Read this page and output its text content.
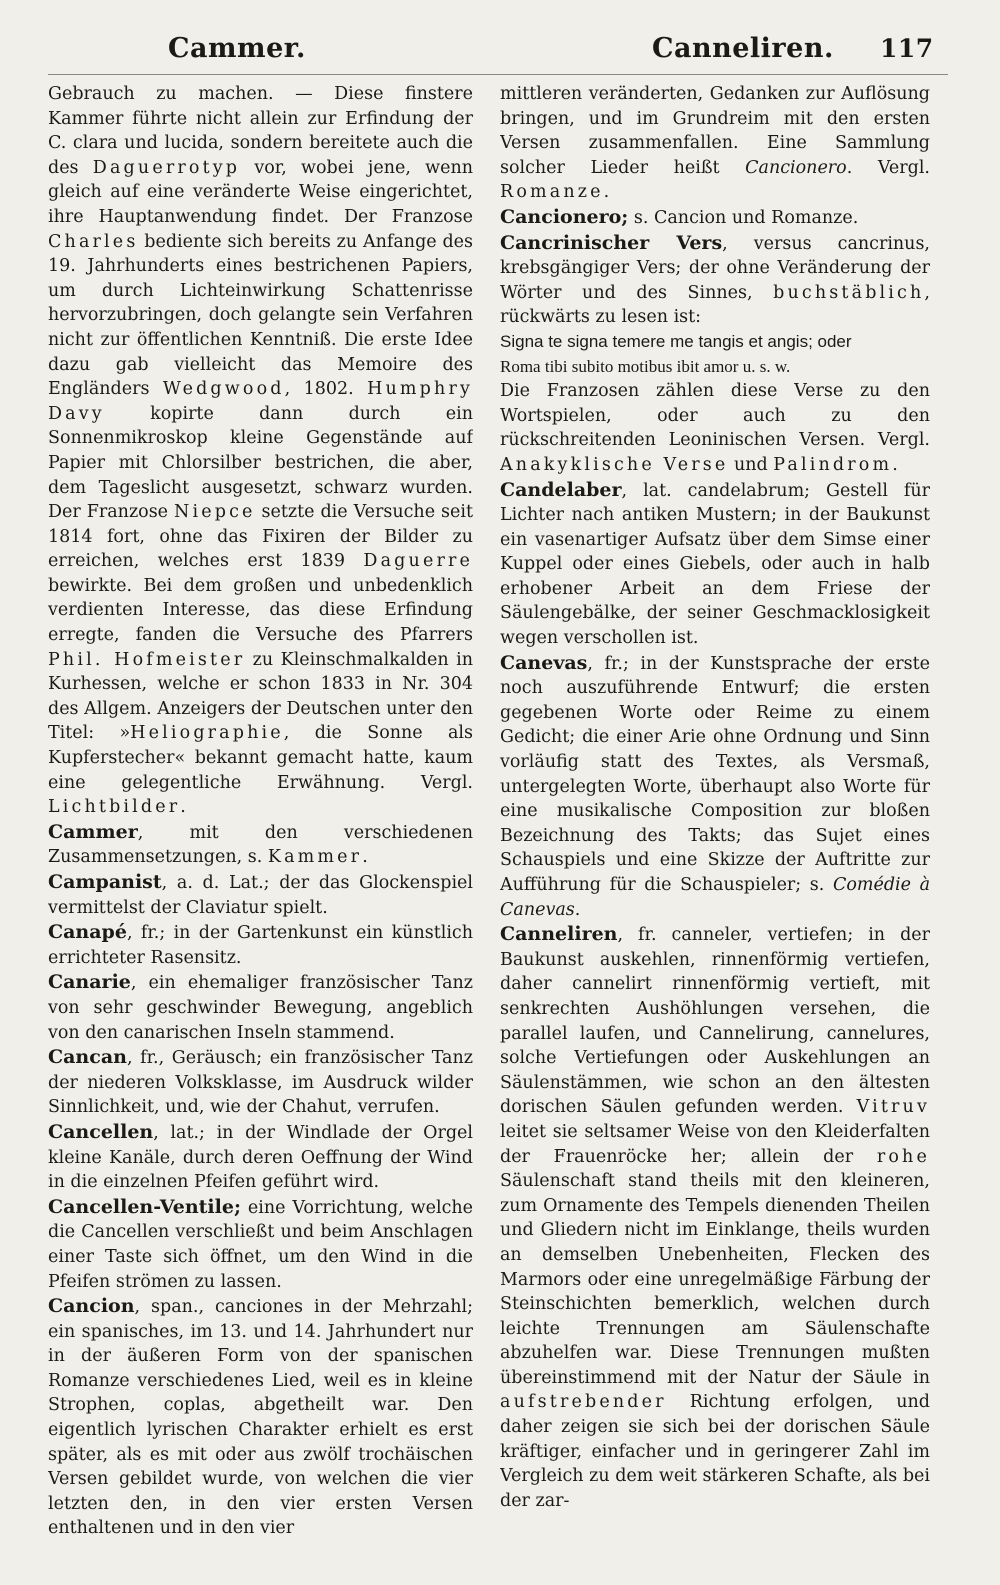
Cammer.	Canneliren. 117

Gebrauch zu machen. — Diese finstere Kammer führte nicht allein zur Erfindung der C. clara und lucida, sondern bereitete auch die des Daguerrotyp vor, wobei jene, wenn gleich auf eine veränderte Weise eingerichtet, ihre Hauptanwendung findet. Der Franzose Charles bediente sich bereits zu Anfange des 19. Jahrhunderts eines bestrichenen Papiers, um durch Lichteinwirkung Schattenrisse hervorzubringen, doch gelangte sein Verfahren nicht zur öffentlichen Kenntniß. Die erste Idee dazu gab vielleicht das Memoire des Engländers Wedgwood, 1802. Humphry Davy kopirte dann durch ein Sonnenmikroskop kleine Gegenstände auf Papier mit Chlorsilber bestrichen, die aber, dem Tageslicht ausgesetzt, schwarz wurden. Der Franzose Niepce setzte die Versuche seit 1814 fort, ohne das Fixiren der Bilder zu erreichen, welches erst 1839 Daguerre bewirkte. Bei dem großen und unbedenklich verdienten Interesse, das diese Erfindung erregte, fanden die Versuche des Pfarrers Phil. Hofmeister zu Kleinschmalkalden in Kurhessen, welche er schon 1833 in Nr. 304 des Allgem. Anzeigers der Deutschen unter den Titel: »Heliographie, die Sonne als Kupferstecher« bekannt gemacht hatte, kaum eine gelegentliche Erwähnung. Vergl. Lichtbilder.

Cammer, mit den verschiedenen Zusammensetzungen, s. Kammer.

Campanist, a. d. Lat.; der das Glockenspiel vermittelst der Claviatur spielt.

Canapé, fr.; in der Gartenkunst ein künstlich errichteter Rasensitz.

Canarie, ein ehemaliger französischer Tanz von sehr geschwinder Bewegung, angeblich von den canarischen Inseln stammend.

Cancan, fr., Geräusch; ein französischer Tanz der niederen Volksklasse, im Ausdruck wilder Sinnlichkeit, und, wie der Chahut, verrufen.

Cancellen, lat.; in der Windlade der Orgel kleine Kanäle, durch deren Oeffnung der Wind in die einzelnen Pfeifen geführt wird.

Cancellen-Ventile; eine Vorrichtung, welche die Cancellen verschließt und beim Anschlagen einer Taste sich öffnet, um den Wind in die Pfeifen strömen zu lassen.

Cancion, span., canciones in der Mehrzahl; ein spanisches, im 13. und 14. Jahrhundert nur in der äußeren Form von der spanischen Romanze verschiedenes Lied, weil es in kleine Strophen, coplas, abgetheilt war. Den eigentlich lyrischen Charakter erhielt es erst später, als es mit oder aus zwölf trochäischen Versen gebildet wurde, von welchen die vier letzten den, in den vier ersten Versen enthaltenen und in den vier

mittleren veränderten, Gedanken zur Auflösung bringen, und im Grundreim mit den ersten Versen zusammenfallen. Eine Sammlung solcher Lieder heißt Cancionero. Vergl. Romanze.

Cancionero; s. Cancion und Romanze.

Cancrinischer Vers, versus cancrinus, krebsgängiger Vers; der ohne Veränderung der Wörter und des Sinnes, buchstäblich, rückwärts zu lesen ist:

Signa te signa temere me tangis et angis; oder

Roma tibi subito motibus ibit amor u. s. w.

Die Franzosen zählen diese Verse zu den Wortspielen, oder auch zu den rückschreitenden Leoninischen Versen. Vergl. Anakyklische Verse und Palindrom.

Candelaber, lat. candelabrum; Gestell für Lichter nach antiken Mustern; in der Baukunst ein vasenartiger Aufsatz über dem Simse einer Kuppel oder eines Giebels, oder auch in halb erhobener Arbeit an dem Friese der Säulengebälke, der seiner Geschmacklosigkeit wegen verschollen ist.

Canevas, fr.; in der Kunstsprache der erste noch auszuführende Entwurf; die ersten gegebenen Worte oder Reime zu einem Gedicht; die einer Arie ohne Ordnung und Sinn vorläufig statt des Textes, als Versmaß, untergelegten Worte, überhaupt also Worte für eine musikalische Composition zur bloßen Bezeichnung des Takts; das Sujet eines Schauspiels und eine Skizze der Auftritte zur Aufführung für die Schauspieler; s. Comédie à Canevas.

Canneliren, fr. canneler, vertiefen; in der Baukunst auskehlen, rinnenförmig vertiefen, daher cannelirt rinnenförmig vertieft, mit senkrechten Aushöhlungen versehen, die parallel laufen, und Cannelirung, cannelures, solche Vertiefungen oder Auskehlungen an Säulenstämmen, wie schon an den ältesten dorischen Säulen gefunden werden. Vitruv leitet sie seltsamer Weise von den Kleiderfalten der Frauenröcke her; allein der rohe Säulenschaft stand theils mit den kleineren, zum Ornamente des Tempels dienenden Theilen und Gliedern nicht im Einklange, theils wurden an demselben Unebenheiten, Flecken des Marmors oder eine unregelmäßige Färbung der Steinschichten bemerklich, welchen durch leichte Trennungen am Säulenschafte abzuhelfen war. Diese Trennungen mußten übereinstimmend mit der Natur der Säule in aufstrebender Richtung erfolgen, und daher zeigen sie sich bei der dorischen Säule kräftiger, einfacher und in geringerer Zahl im Vergleich zu dem weit stärkeren Schafte, als bei der zar-
